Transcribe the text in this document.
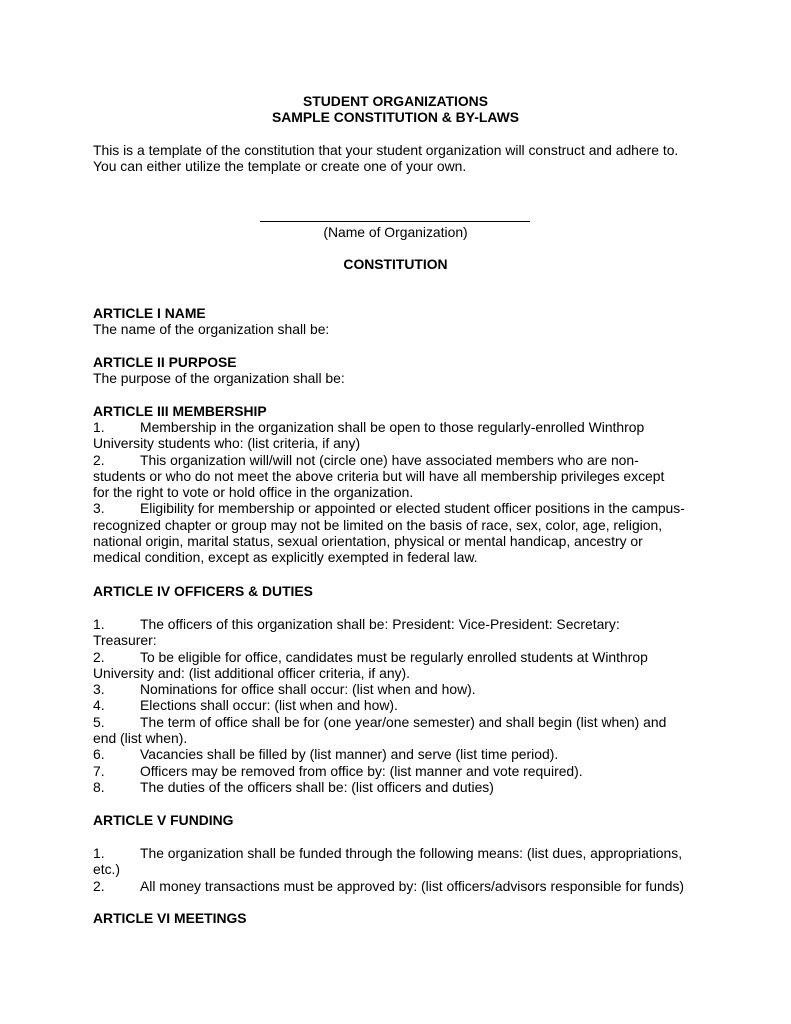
STUDENT ORGANIZATIONS
SAMPLE CONSTITUTION & BY-LAWS
This is a template of the constitution that your student organization will construct and adhere to.
You can either utilize the template or create one of your own.
(Name of Organization)
CONSTITUTION
ARTICLE I NAME
The name of the organization shall be:
ARTICLE II PURPOSE
The purpose of the organization shall be:
ARTICLE III MEMBERSHIP
1.	Membership in the organization shall be open to those regularly-enrolled Winthrop
University students who: (list criteria, if any)
2.	This organization will/will not (circle one) have associated members who are non-
students or who do not meet the above criteria but will have all membership privileges except
for the right to vote or hold office in the organization.
3.	Eligibility for membership or appointed or elected student officer positions in the campus-
recognized chapter or group may not be limited on the basis of race, sex, color, age, religion,
national origin, marital status, sexual orientation, physical or mental handicap, ancestry or
medical condition, except as explicitly exempted in federal law.
ARTICLE IV OFFICERS & DUTIES
1.	The officers of this organization shall be: President: Vice-President: Secretary:
Treasurer:
2.	To be eligible for office, candidates must be regularly enrolled students at Winthrop
University and: (list additional officer criteria, if any).
3.	Nominations for office shall occur: (list when and how).
4.	Elections shall occur: (list when and how).
5.	The term of office shall be for (one year/one semester) and shall begin (list when) and
end (list when).
6.	Vacancies shall be filled by (list manner) and serve (list time period).
7.	Officers may be removed from office by: (list manner and vote required).
8.	The duties of the officers shall be: (list officers and duties)
ARTICLE V FUNDING
1.	The organization shall be funded through the following means: (list dues, appropriations,
etc.)
2.	All money transactions must be approved by: (list officers/advisors responsible for funds)
ARTICLE VI MEETINGS
